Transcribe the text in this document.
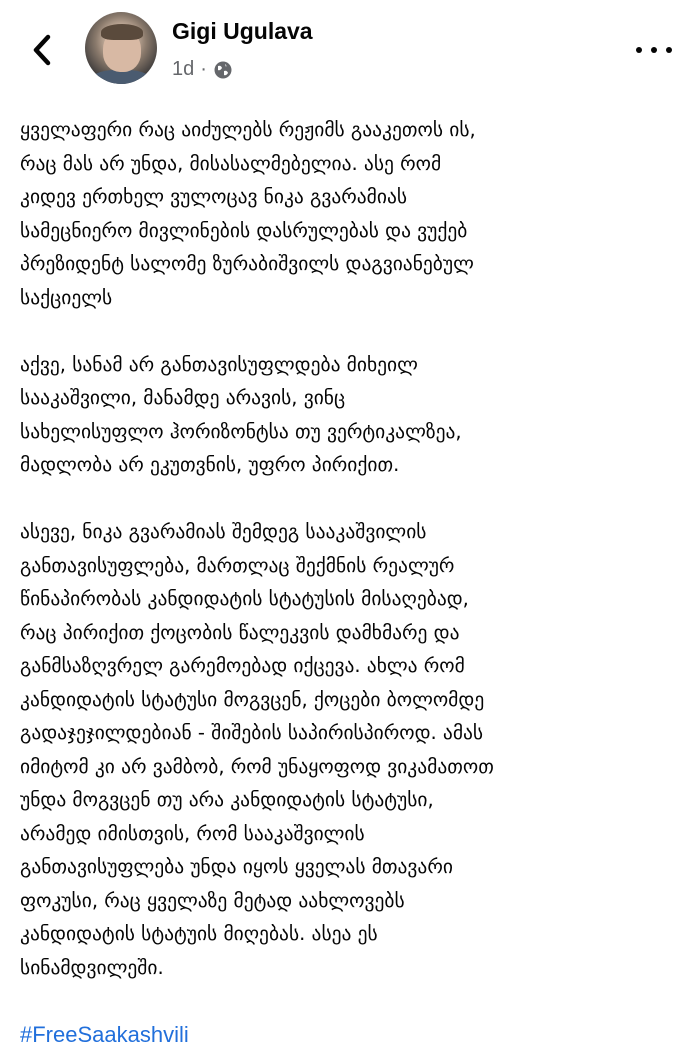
Gigi Ugulava
1d ·
ყველაფერი რაც აიძულებს რეჟიმს გააკეთოს ის,
რაც მას არ უნდა, მისასალმებელია. ასე რომ
კიდევ ერთხელ ვულოცავ ნიკა გვარამიას
სამეცნიერო მივლინების დასრულებას და ვუქებ
პრეზიდენტ სალომე ზურაბიშვილს დაგვიანებულ
საქციელს
აქვე, სანამ არ განთავისუფლდება მიხეილ
სააკაშვილი, მანამდე არავის, ვინც
სახელისუფლო ჰორიზონტსა თუ ვერტიკალზეა,
მადლობა არ ეკუთვნის, უფრო პირიქით.
ასევე, ნიკა გვარამიას შემდეგ სააკაშვილის
განთავისუფლება, მართლაც შექმნის რეალურ
წინაპირობას კანდიდატის სტატუსის მისაღებად,
რაც პირიქით ქოცობის წალეკვის დამხმარე და
განმსაზღვრელ გარემოებად იქცევა. ახლა რომ
კანდიდატის სტატუსი მოგვცენ, ქოცები ბოლომდე
გადაჯეჯილდებიან - შიშების საპირისპიროდ. ამას
იმიტომ კი არ ვამბობ, რომ უნაყოფოდ ვიკამათოთ
უნდა მოგვცენ თუ არა კანდიდატის სტატუსი,
არამედ იმისთვის, რომ სააკაშვილის
განთავისუფლება უნდა იყოს ყველას მთავარი
ფოკუსი, რაც ყველაზე მეტად აახლოვებს
კანდიდატის სტატუის მიღებას. ასეა ეს
სინამდვილეში.
#FreeSaakashvili
